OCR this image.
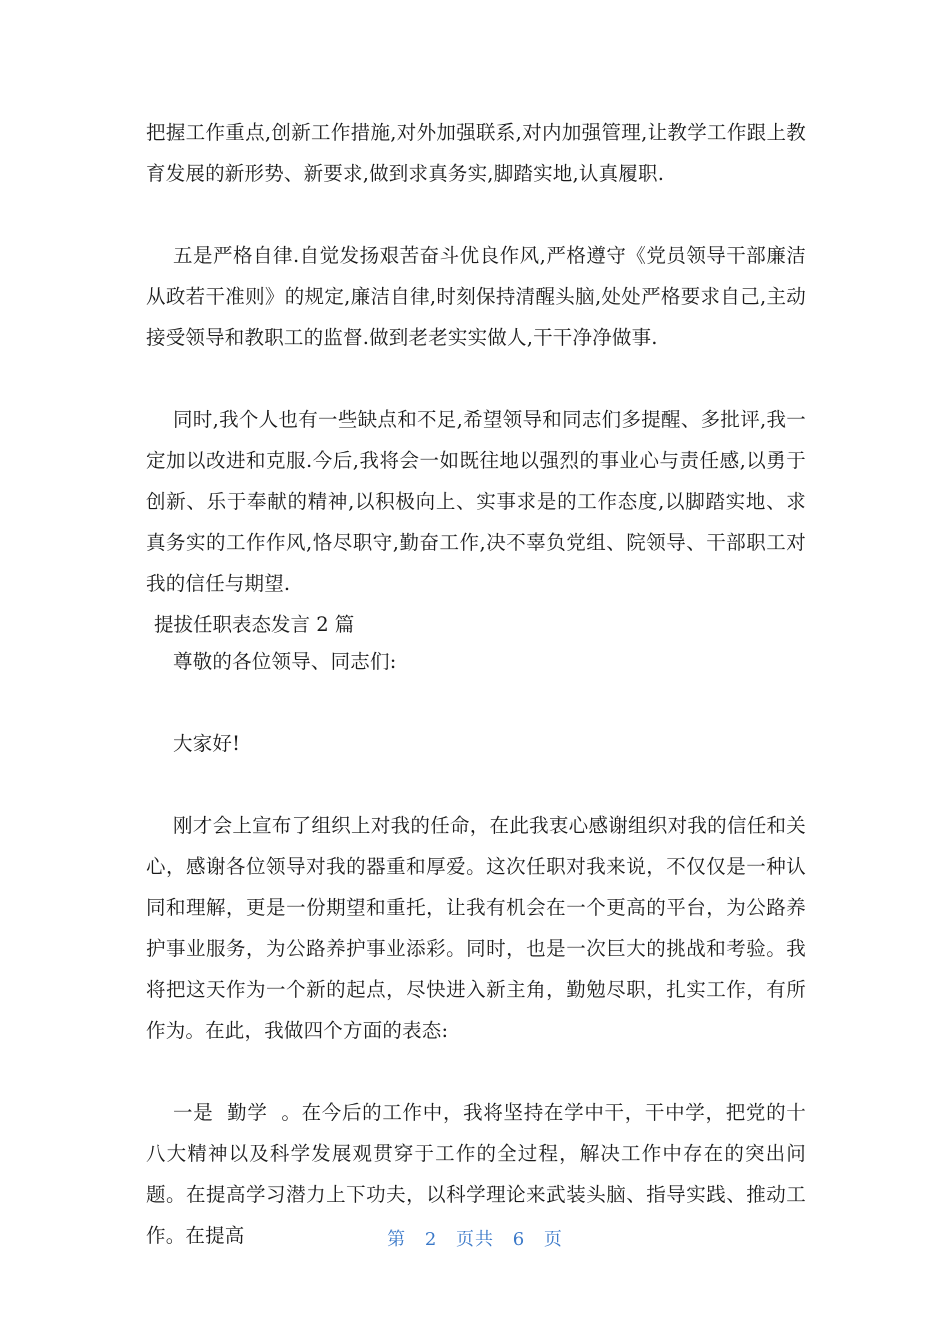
把握工作重点,创新工作措施,对外加强联系,对内加强管理,让教学工作跟上教育发展的新形势、新要求,做到求真务实,脚踏实地,认真履职.

五是严格自律.自觉发扬艰苦奋斗优良作风,严格遵守《党员领导干部廉洁从政若干准则》的规定,廉洁自律,时刻保持清醒头脑,处处严格要求自己,主动接受领导和教职工的监督.做到老老实实做人,干干净净做事.

同时,我个人也有一些缺点和不足,希望领导和同志们多提醒、多批评,我一定加以改进和克服.今后,我将会一如既往地以强烈的事业心与责任感,以勇于创新、乐于奉献的精神,以积极向上、实事求是的工作态度,以脚踏实地、求真务实的工作作风,恪尽职守,勤奋工作,决不辜负党组、院领导、干部职工对我的信任与期望.

提拔任职表态发言 2 篇

尊敬的各位领导、同志们:

大家好!

刚才会上宣布了组织上对我的任命，在此我衷心感谢组织对我的信任和关心，感谢各位领导对我的器重和厚爱。这次任职对我来说，不仅仅是一种认同和理解，更是一份期望和重托，让我有机会在一个更高的平台，为公路养护事业服务，为公路养护事业添彩。同时，也是一次巨大的挑战和考验。我将把这天作为一个新的起点，尽快进入新主角，勤勉尽职，扎实工作，有所作为。在此，我做四个方面的表态:

一是  勤学  。在今后的工作中，我将坚持在学中干，干中学，把党的十八大精神以及科学发展观贯穿于工作的全过程，解决工作中存在的突出问题。在提高学习潜力上下功夫，以科学理论来武装头脑、指导实践、推动工作。在提高	第 2 页共 6 页
